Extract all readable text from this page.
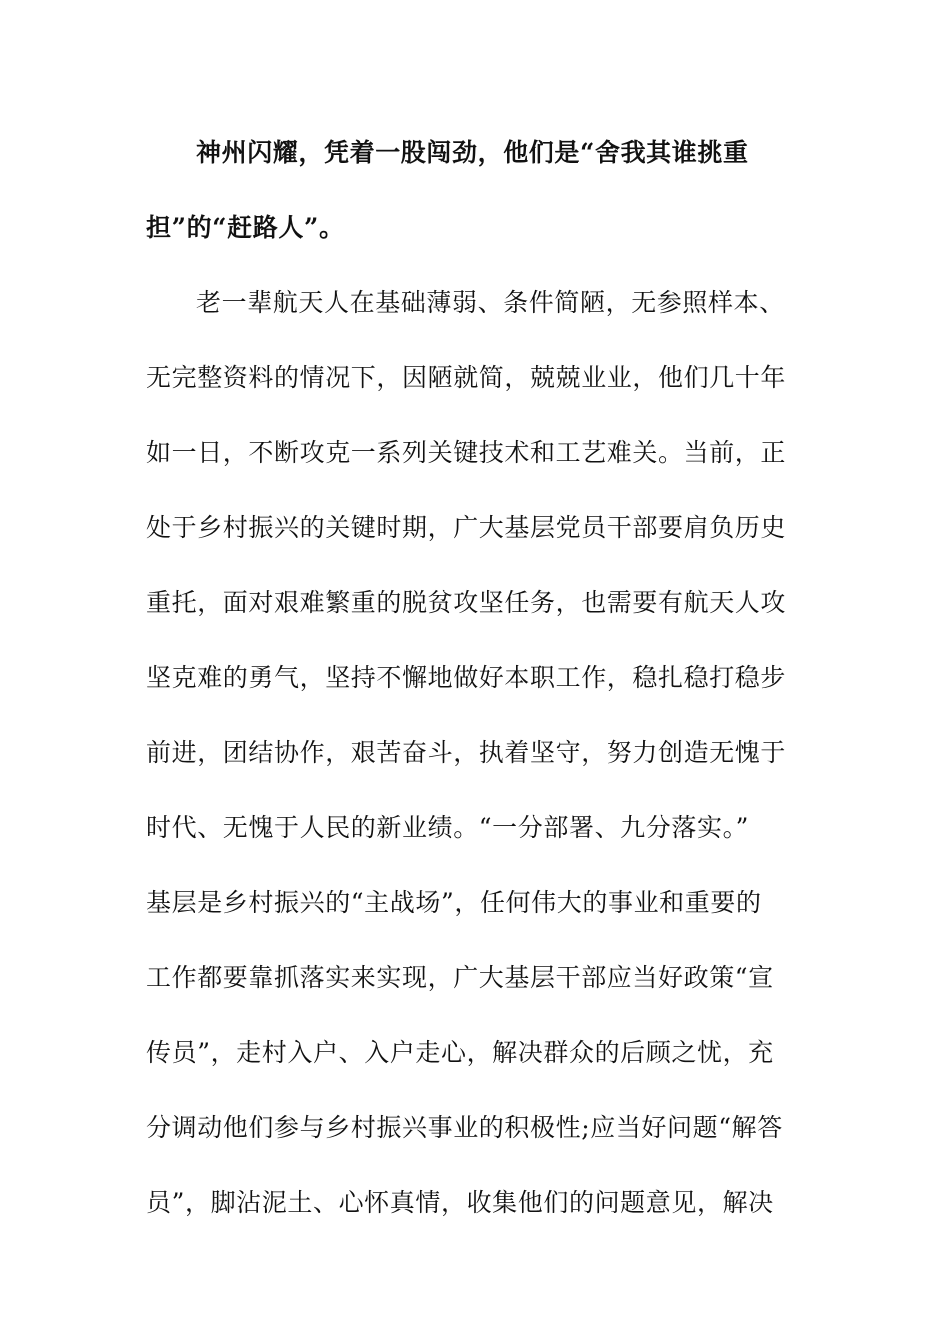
神州闪耀，凭着一股闯劲，他们是“舍我其谁挑重
担”的“赶路人”。
老一辈航天人在基础薄弱、条件简陋，无参照样本、
无完整资料的情况下，因陋就简，兢兢业业，他们几十年
如一日，不断攻克一系列关键技术和工艺难关。当前，正
处于乡村振兴的关键时期，广大基层党员干部要肩负历史
重托，面对艰难繁重的脱贫攻坚任务，也需要有航天人攻
坚克难的勇气，坚持不懈地做好本职工作，稳扎稳打稳步
前进，团结协作，艰苦奋斗，执着坚守，努力创造无愧于
时代、无愧于人民的新业绩。“一分部署、九分落实。”
基层是乡村振兴的“主战场”，任何伟大的事业和重要的
工作都要靠抓落实来实现，广大基层干部应当好政策“宣
传员”，走村入户、入户走心，解决群众的后顾之忧，充
分调动他们参与乡村振兴事业的积极性;应当好问题“解答
员”，脚沾泥土、心怀真情，收集他们的问题意见，解决
